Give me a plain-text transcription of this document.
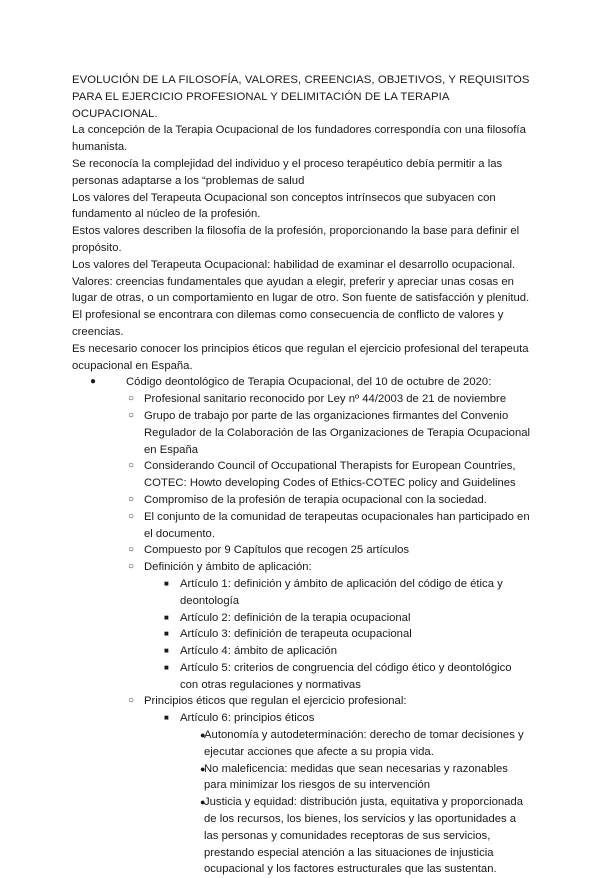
EVOLUCIÓN DE LA FILOSOFÍA, VALORES, CREENCIAS, OBJETIVOS, Y REQUISITOS PARA EL EJERCICIO PROFESIONAL Y DELIMITACIÓN DE LA TERAPIA OCUPACIONAL.

La concepción de la Terapia Ocupacional de los fundadores correspondía con una filosofía humanista.

Se reconocía la complejidad del individuo y el proceso terapéutico debía permitir a las personas adaptarse a los “problemas de salud

Los valores del Terapeuta Ocupacional son conceptos intrínsecos que subyacen con fundamento al núcleo de la profesión.

Estos valores describen la filosofía de la profesión, proporcionando la base para definir el propósito.

Los valores del Terapeuta Ocupacional: habilidad de examinar el desarrollo ocupacional.

Valores: creencias fundamentales que ayudan a elegir, preferir y apreciar unas cosas en lugar de otras, o un comportamiento en lugar de otro. Son fuente de satisfacción y plenitud.

El profesional se encontrara con dilemas como consecuencia de conflicto de valores y creencias.

Es necesario conocer los principios éticos que regulan el ejercicio profesional del terapeuta ocupacional en España.

●	Código deontológico de Terapia Ocupacional, del 10 de octubre de 2020:
○ Profesional sanitario reconocido por Ley nº 44/2003 de 21 de noviembre
○ Grupo de trabajo por parte de las organizaciones firmantes del Convenio Regulador de la Colaboración de las Organizaciones de Terapia Ocupacional en España
○ Considerando Council of Occupational Therapists for European Countries, COTEC: Howto developing Codes of Ethics-COTEC policy and Guidelines
○ Compromiso de la profesión de terapia ocupacional con la sociedad.
○ El conjunto de la comunidad de terapeutas ocupacionales han participado en el documento.
○ Compuesto por 9 Capítulos que recogen 25 artículos
○ Definición y ámbito de aplicación:
■ Artículo 1: definición y ámbito de aplicación del código de ética y deontología
■ Artículo 2: definición de la terapia ocupacional
■ Artículo 3: definición de terapeuta ocupacional
■ Artículo 4: ámbito de aplicación
■ Artículo 5: criterios de congruencia del código ético y deontológico con otras regulaciones y normativas
○ Principios éticos que regulan el ejercicio profesional:
■ Artículo 6: principios éticos
●
Autonomía y autodeterminación: derecho de tomar decisiones y ejecutar acciones que afecte a su propia vida.
●
No maleficencia: medidas que sean necesarias y razonables para minimizar los riesgos de su intervención
●
Justicia y equidad: distribución justa, equitativa y proporcionada de los recursos, los bienes, los servicios y las oportunidades a las personas y comunidades receptoras de sus servicios, prestando especial atención a las situaciones de injusticia ocupacional y los factores estructurales que las sustentan.
